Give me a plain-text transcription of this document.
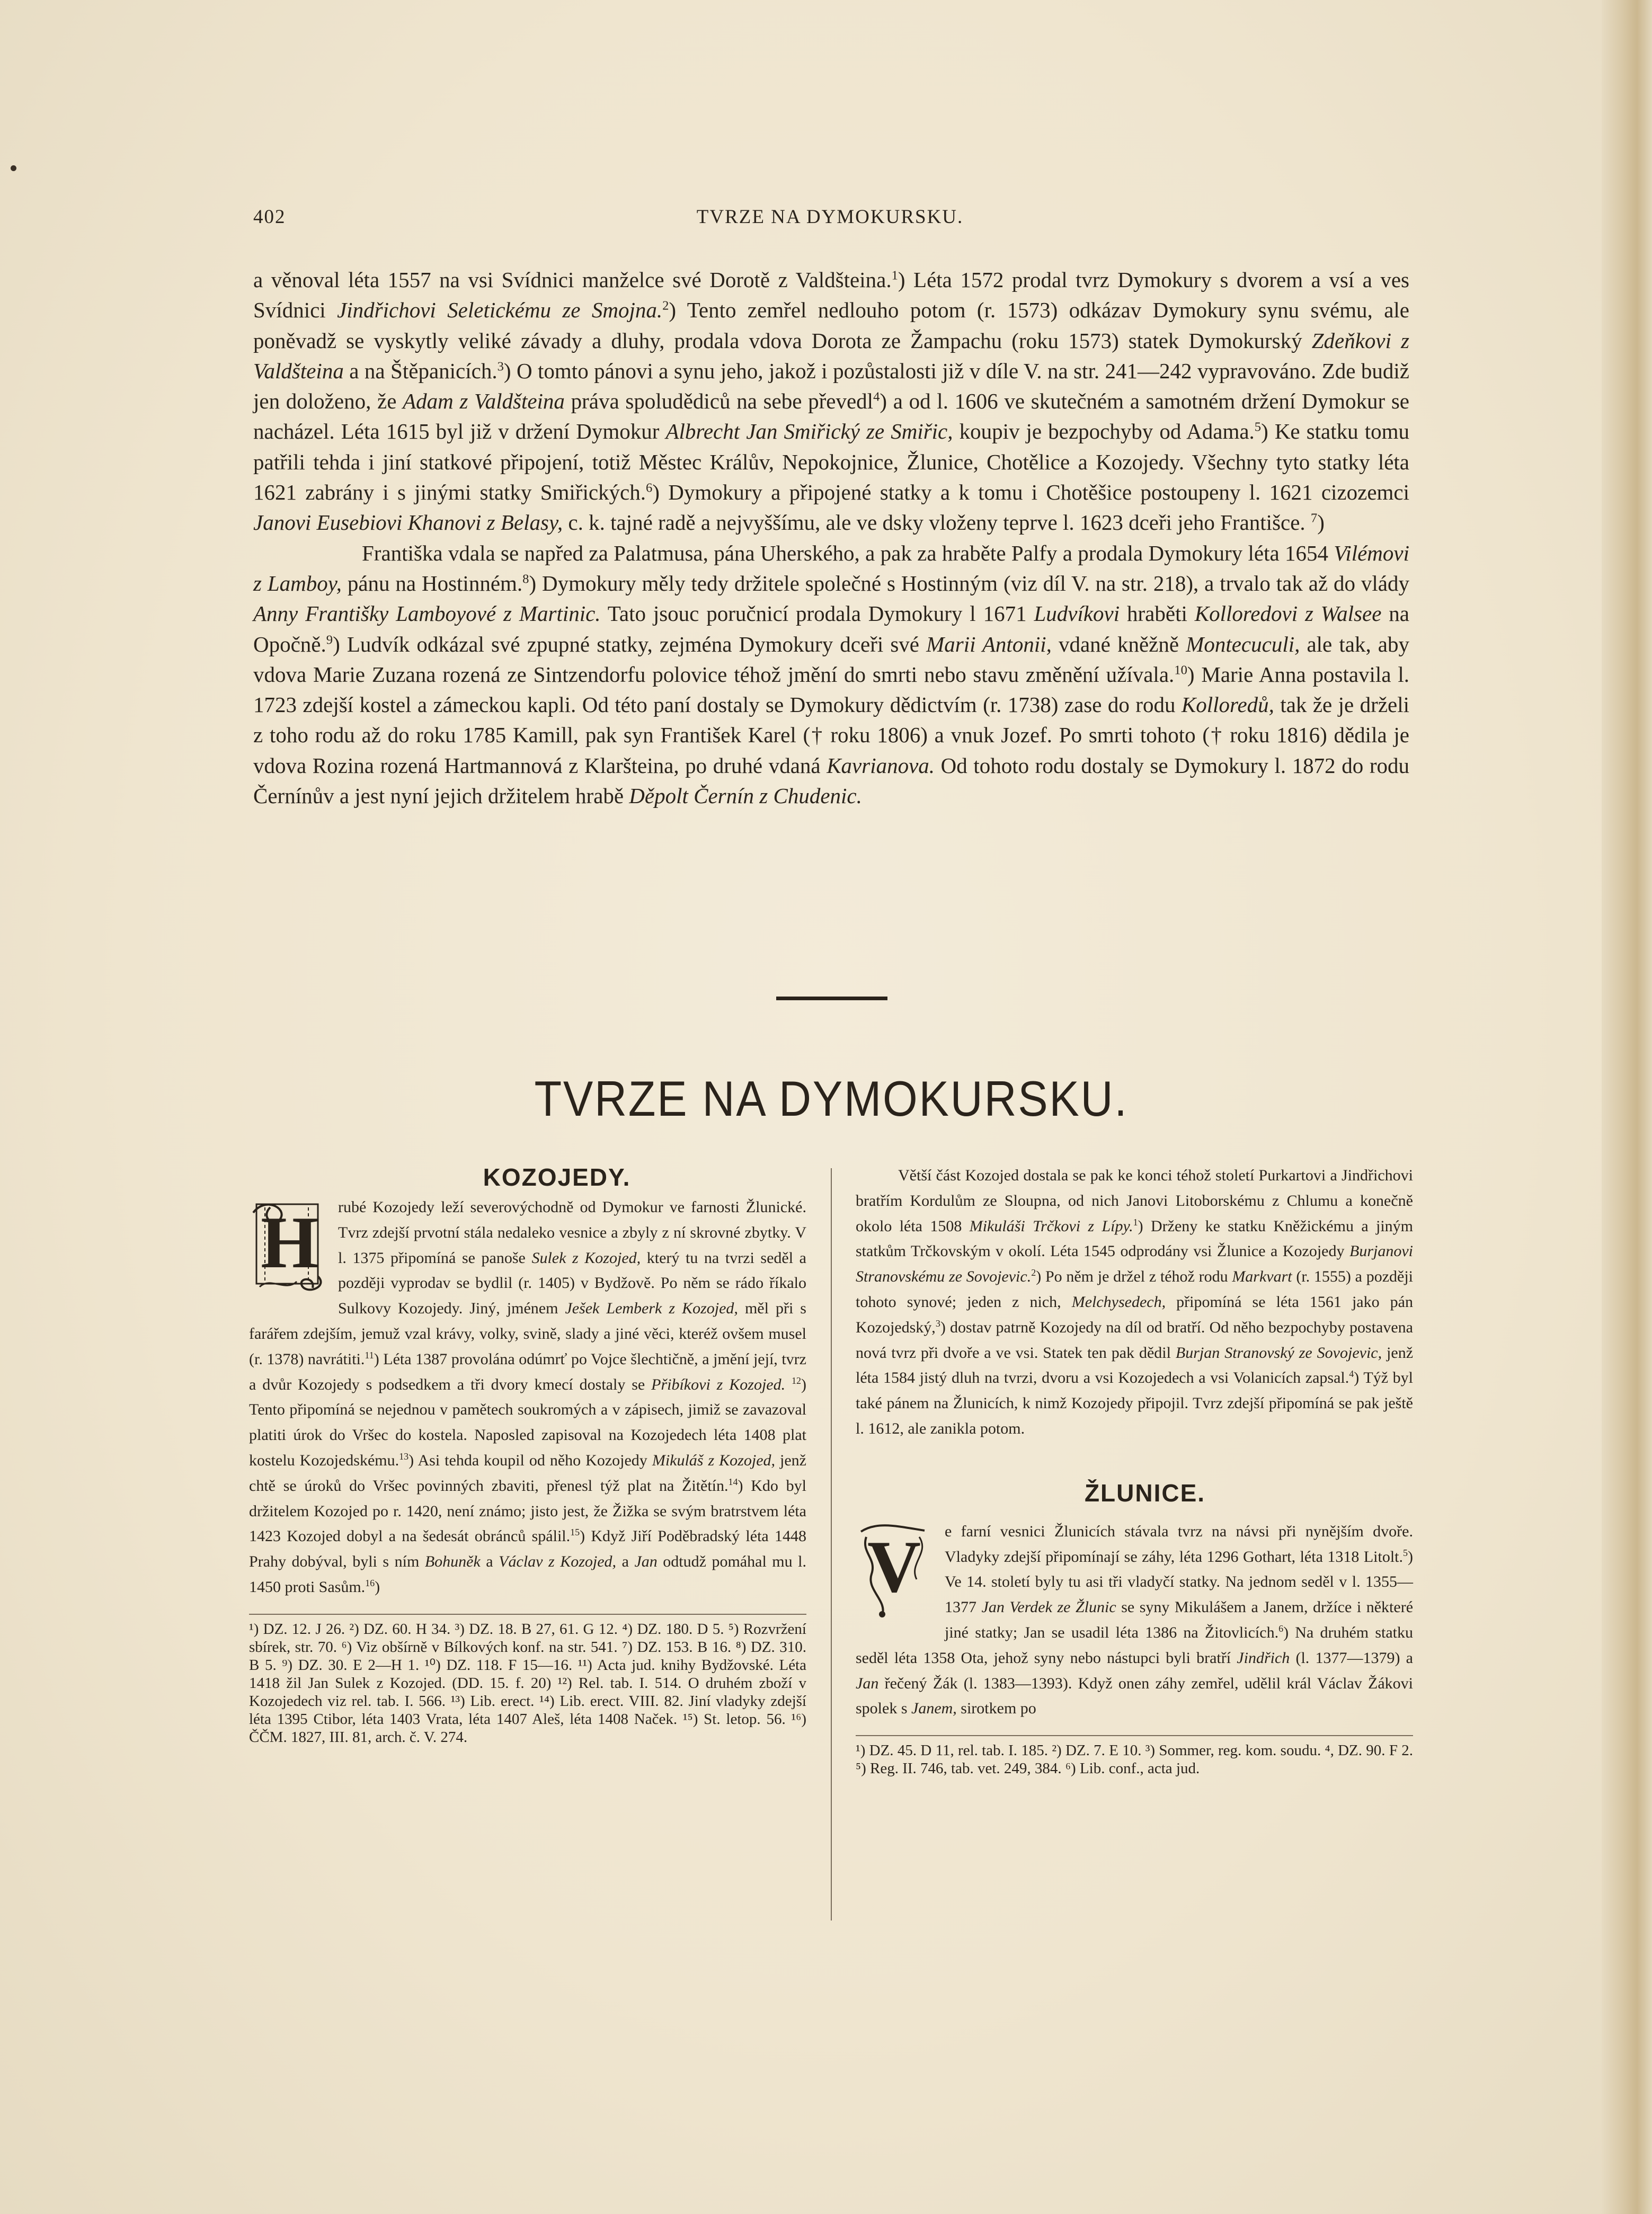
TVRZE NA DYMOKURSKU.
402

a věnoval léta 1557 na vsi Svídnici manželce své Dorotě z Valdšteina.$^1$) Léta 1572 prodal tvrz Dymokury s dvorem a vsí a ves Svídnici Jindřichovi Seletickému ze Smojna.$^2$) Tento zemřel nedlouho potom (r. 1573) odkázav Dymokury synu svému, ale poněvadž se vyskytly veliké závady a dluhy, prodala vdova Dorota ze Žampachu (roku 1573) statek Dymokurský Zdeňkovi z Valdšteina a na Štěpanicích.$^3$) O tomto pánovi a synu jeho, jakož i pozůstalosti již v díle V. na str. 241—242 vypravováno. Zde budiž jen doloženo, že Adam z Valdšteina práva spoludědiců na sebe převedl$^4$) a od l. 1606 ve skutečném a samotném držení Dymokur se nacházel. Léta 1615 byl již v držení Dymokur Albrecht Jan Smiřický ze Smiřic, koupiv je bezpochyby od Adama.$^5$) Ke statku tomu patřili tehda i jiní statkové připojení, totiž Městec Králův, Nepokojnice, Žlunice, Chotělice a Kozojedy. Všechny tyto statky léta 1621 zabrány i s jinými statky Smiřických.$^6$) Dymokury a připojené statky a k tomu i Chotěšice postoupeny l. 1621 cizozemci Janovi Eusebiovi Khanovi z Belasy, c. k. tajné radě a nejvyššímu, ale ve dsky vloženy teprve l. 1623 dceři jeho Františce. $^7$)

Františka vdala se napřed za Palatmusa, pána Uherského, a pak za hraběte Palfy a prodala Dymokury léta 1654 Vilémovi z Lamboy, pánu na Hostinném.$^8$) Dymokury měly tedy držitele společné s Hostinným (viz díl V. na str. 218), a trvalo tak až do vlády Anny Františky Lamboyové z Martinic. Tato jsouc poručnicí prodala Dymokury l 1671 Ludvíkovi hraběti Kolloredovi z Walsee na Opočně.$^9$) Ludvík odkázal své zpupné statky, zejména Dymokury dceři své Marii Antonii, vdané kněžně Montecuculi, ale tak, aby vdova Marie Zuzana rozená ze Sintzendorfu polovice téhož jmění do smrti nebo stavu změnění užívala.$^{10}$) Marie Anna postavila l. 1723 zdejší kostel a zámeckou kapli. Od této paní dostaly se Dymokury dědictvím (r. 1738) zase do rodu Kolloredů, tak že je drželi z toho rodu až do roku 1785 Kamill, pak syn František Karel († roku 1806) a vnuk Jozef. Po smrti tohoto († roku 1816) dědila je vdova Rozina rozená Hartmannová z Klaršteina, po druhé vdaná Kavrianova. Od tohoto rodu dostaly se Dymokury l. 1872 do rodu Černínův a jest nyní jejich držitelem hrabě Děpolt Černín z Chudenic.

TVRZE NA DYMOKURSKU.
KOZOJEDY.
H	rubé Kozojedy leží severovýchodně od Dymokur ve farnosti Žlunické. Tvrz zdejší prvotní stála nedaleko vesnice a zbyly z ní skrovné zbytky. V l. 1375 připomíná se panoše Sulek z Kozojed, který tu na tvrzi seděl a později vyprodav se bydlil (r. 1405) v Bydžově. Po něm se rádo říkalo Sulkovy Kozojedy. Jiný, jménem Ješek Lemberk z Kozojed, měl při s farářem zdejším, jemuž vzal krávy, volky, svině, slady a jiné věci, kteréž ovšem musel (r. 1378) navrátiti.$^{11}$) Léta 1387 provolána odúmrť po Vojce šlechtičně, a jmění její, tvrz a dvůr Kozojedy s podsedkem a tři dvory kmecí dostaly se Přibíkovi z Kozojed. $^{12}$) Tento připomíná se nejednou v pamětech soukromých a v zápisech, jimiž se zavazoval platiti úrok do Vršec do kostela. Naposled zapisoval na Kozojedech léta 1408 plat kostelu Kozojedskému.$^{13}$) Asi tehda koupil od něho Kozojedy Mikuláš z Kozojed, jenž chtě se úroků do Vršec povinných zbaviti, přenesl týž plat na Žitětín.$^{14}$) Kdo byl držitelem Kozojed po r. 1420, není známo; jisto jest, že Žižka se svým bratrstvem léta 1423 Kozojed dobyl a na šedesát obránců spálil.$^{15}$) Když Jiří Poděbradský léta 1448 Prahy dobýval, byli s ním Bohuněk a Václav z Kozojed, a Jan odtudž pomáhal mu l. 1450 proti Sasům.$^{16}$)

¹) DZ. 12. J 26. ²) DZ. 60. H 34. ³) DZ. 18. B 27, 61. G 12. ⁴) DZ. 180. D 5. ⁵) Rozvržení sbírek, str. 70. ⁶) Viz obšírně v Bílkových konf. na str. 541. ⁷) DZ. 153. B 16. ⁸) DZ. 310. B 5. ⁹) DZ. 30. E 2—H 1. ¹⁰) DZ. 118. F 15—16. ¹¹) Acta jud. knihy Bydžovské. Léta 1418 žil Jan Sulek z Kozojed. (DD. 15. f. 20) ¹²) Rel. tab. I. 514. O druhém zboží v Kozojedech viz rel. tab. I. 566. ¹³) Lib. erect. ¹⁴) Lib. erect. VIII. 82. Jiní vladyky zdejší léta 1395 Ctibor, léta 1403 Vrata, léta 1407 Aleš, léta 1408 Naček. ¹⁵) St. letop. 56. ¹⁶) ČČM. 1827, III. 81, arch. č. V. 274.

Větší část Kozojed dostala se pak ke konci téhož století Purkartovi a Jindřichovi bratřím Kordulům ze Sloupna, od nich Janovi Litoborskému z Chlumu a konečně okolo léta 1508 Mikuláši Trčkovi z Lípy.$^1$) Drženy ke statku Kněžickému a jiným statkům Trčkovským v okolí. Léta 1545 odprodány vsi Žlunice a Kozojedy Burjanovi Stranovskému ze Sovojevic.$^2$) Po něm je držel z téhož rodu Markvart (r. 1555) a později tohoto synové; jeden z nich, Melchysedech, připomíná se léta 1561 jako pán Kozojedský,$^3$) dostav patrně Kozojedy na díl od bratří. Od něho bezpochyby postavena nová tvrz při dvoře a ve vsi. Statek ten pak dědil Burjan Stranovský ze Sovojevic, jenž léta 1584 jistý dluh na tvrzi, dvoru a vsi Kozojedech a vsi Volanicích zapsal.$^4$) Týž byl také pánem na Žlunicích, k nimž Kozojedy připojil. Tvrz zdejší připomíná se pak ještě l. 1612, ale zanikla potom.

ŽLUNICE.
V	e farní vesnici Žlunicích stávala tvrz na návsi při nynějším dvoře. Vladyky zdejší připomínají se záhy, léta 1296 Gothart, léta 1318 Litolt.$^5$) Ve 14. století byly tu asi tři vladyčí statky. Na jednom seděl v l. 1355—1377 Jan Verdek ze Žlunic se syny Mikulášem a Janem, držíce i některé jiné statky; Jan se usadil léta 1386 na Žitovlicích.$^6$) Na druhém statku seděl léta 1358 Ota, jehož syny nebo nástupci byli bratří Jindřich (l. 1377—1379) a Jan řečený Žák (l. 1383—1393). Když onen záhy zemřel, udělil král Václav Žákovi spolek s Janem, sirotkem po

¹) DZ. 45. D 11, rel. tab. I. 185. ²) DZ. 7. E 10. ³) Sommer, reg. kom. soudu. ⁴, DZ. 90. F 2. ⁵) Reg. II. 746, tab. vet. 249, 384. ⁶) Lib. conf., acta jud.
